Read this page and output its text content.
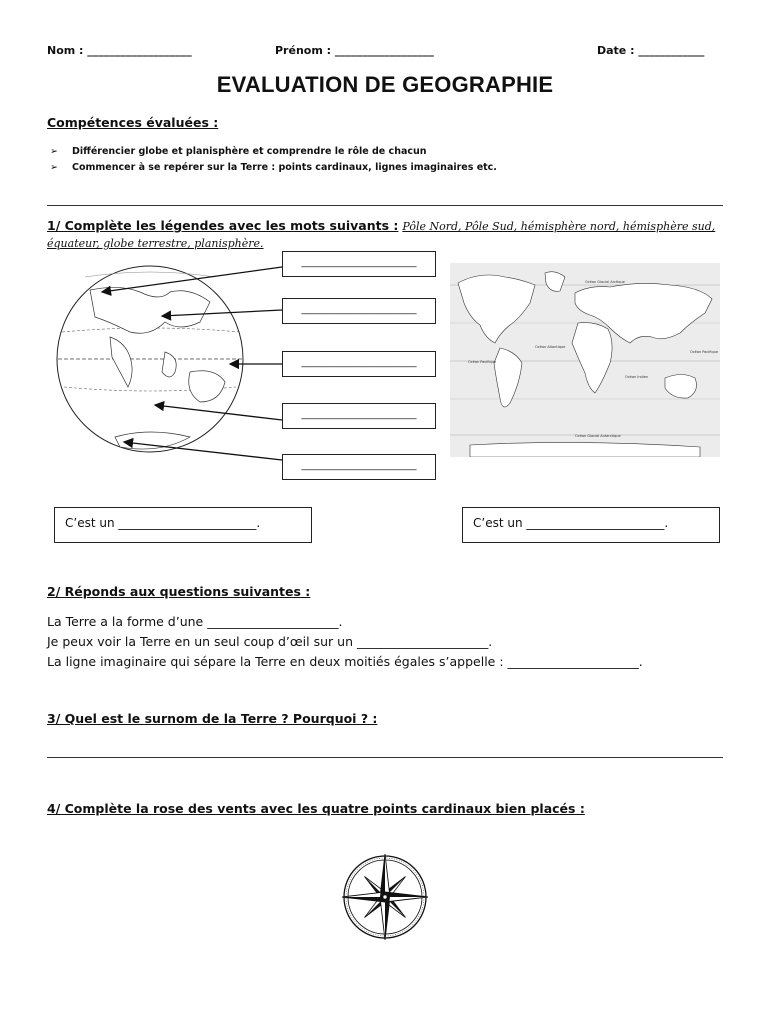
Nom : ___________________	Prénom : __________________	Date : ____________
EVALUATION DE GEOGRAPHIE
Compétences évaluées :
➢ Différencier globe et planisphère et comprendre le rôle de chacun
➢ Commencer à se repérer sur la Terre : points cardinaux, lignes imaginaires etc.
1/ Complète les légendes avec les mots suivants : Pôle Nord, Pôle Sud, hémisphère nord, hémisphère sud, équateur, globe terrestre, planisphère.
_______________________
_______________________
_______________________
_______________________
_______________________
Océan Glacial Arctique
Océan Pacifique
Océan Atlantique
Océan Indien
Océan Pacifique
Océan Glacial Antarctique
C’est un _______________________.	C’est un _______________________.
2/ Réponds aux questions suivantes :
La Terre a la forme d’une _____________________.
Je peux voir la Terre en un seul coup d’œil sur un _____________________.
La ligne imaginaire qui sépare la Terre en deux moitiés égales s’appelle : _____________________.
3/ Quel est le surnom de la Terre ? Pourquoi ? :
4/ Complète la rose des vents avec les quatre points cardinaux bien placés :
